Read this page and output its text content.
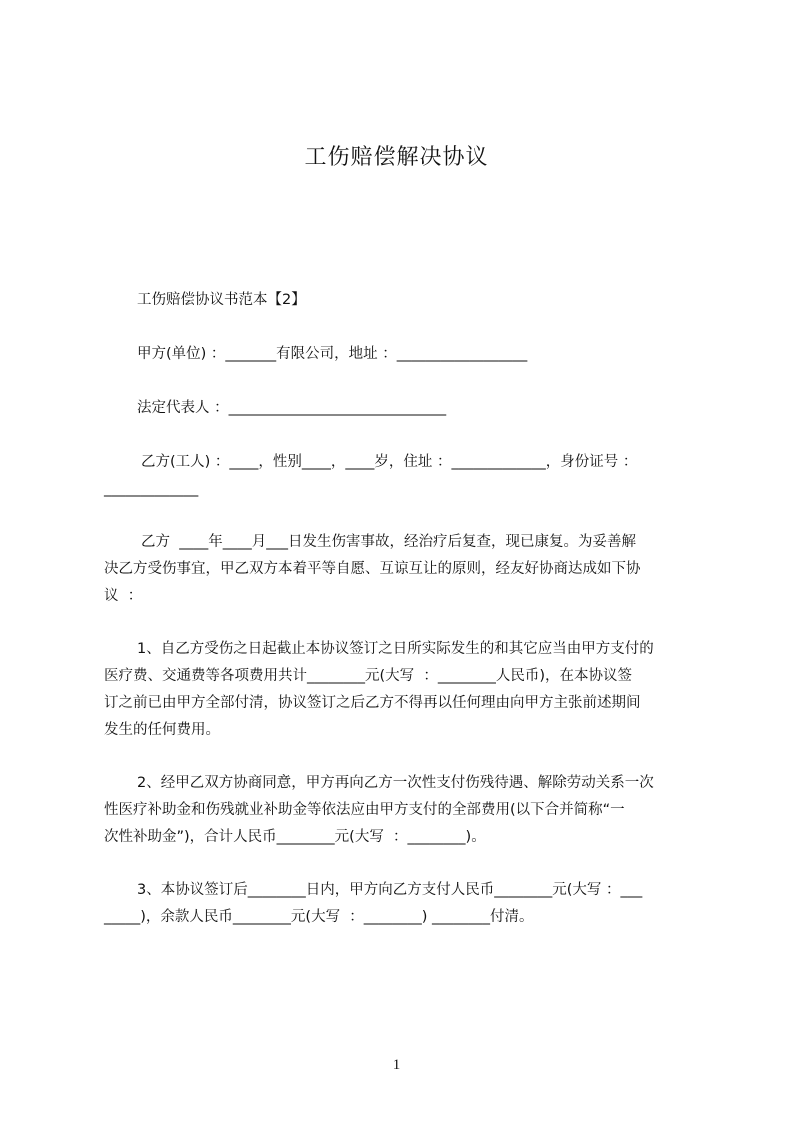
工伤赔偿解决协议
工伤赔偿协议书范本【2】
甲方(单位) ：_______有限公司，地址 ：__________________
法定代表人 ：______________________________
乙方(工人) ：____，性别____，____岁，住址 ：_____________，身份证号 ：
_____________
乙方  ____年____月___日发生伤害事故，经治疗后复查，现已康复。为妥善解
决乙方受伤事宜，甲乙双方本着平等自愿、互谅互让的原则，经友好协商达成如下协
议  ：
1、自乙方受伤之日起截止本协议签订之日所实际发生的和其它应当由甲方支付的
医疗费、交通费等各项费用共计________元(大写  ：________人民币)，在本协议签
订之前已由甲方全部付清，协议签订之后乙方不得再以任何理由向甲方主张前述期间
发生的任何费用。
2、经甲乙双方协商同意，甲方再向乙方一次性支付伤残待遇、解除劳动关系一次
性医疗补助金和伤残就业补助金等依法应由甲方支付的全部费用(以下合并简称“一
次性补助金”)，合计人民币________元(大写  ：________)。
3、本协议签订后________日内，甲方向乙方支付人民币________元(大写 ：___
_____)，余款人民币________元(大写  ：________) ________付清。
1
